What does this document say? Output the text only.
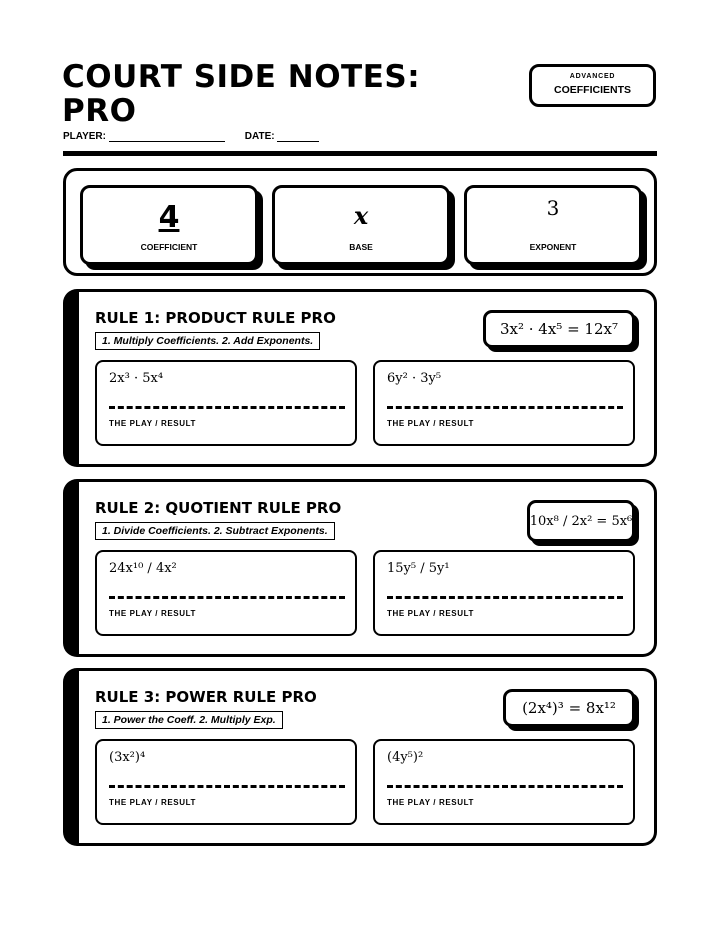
COURT SIDE NOTES:
PRO
PLAYER:	DATE:
ADVANCED
COEFFICIENTS
4
COEFFICIENT
x
BASE
3
EXPONENT
RULE 1: PRODUCT RULE PRO
1. Multiply Coefficients. 2. Add Exponents.
3x² · 4x⁵ = 12x⁷
2x³ · 5x⁴
THE PLAY / RESULT
6y² · 3y⁵
THE PLAY / RESULT
RULE 2: QUOTIENT RULE PRO
1. Divide Coefficients. 2. Subtract Exponents.
10x⁸ / 2x² = 5x⁶
24x¹⁰ / 4x²
THE PLAY / RESULT
15y⁵ / 5y¹
THE PLAY / RESULT
RULE 3: POWER RULE PRO
1. Power the Coeff. 2. Multiply Exp.
(2x⁴)³ = 8x¹²
(3x²)⁴
THE PLAY / RESULT
(4y⁵)²
THE PLAY / RESULT
